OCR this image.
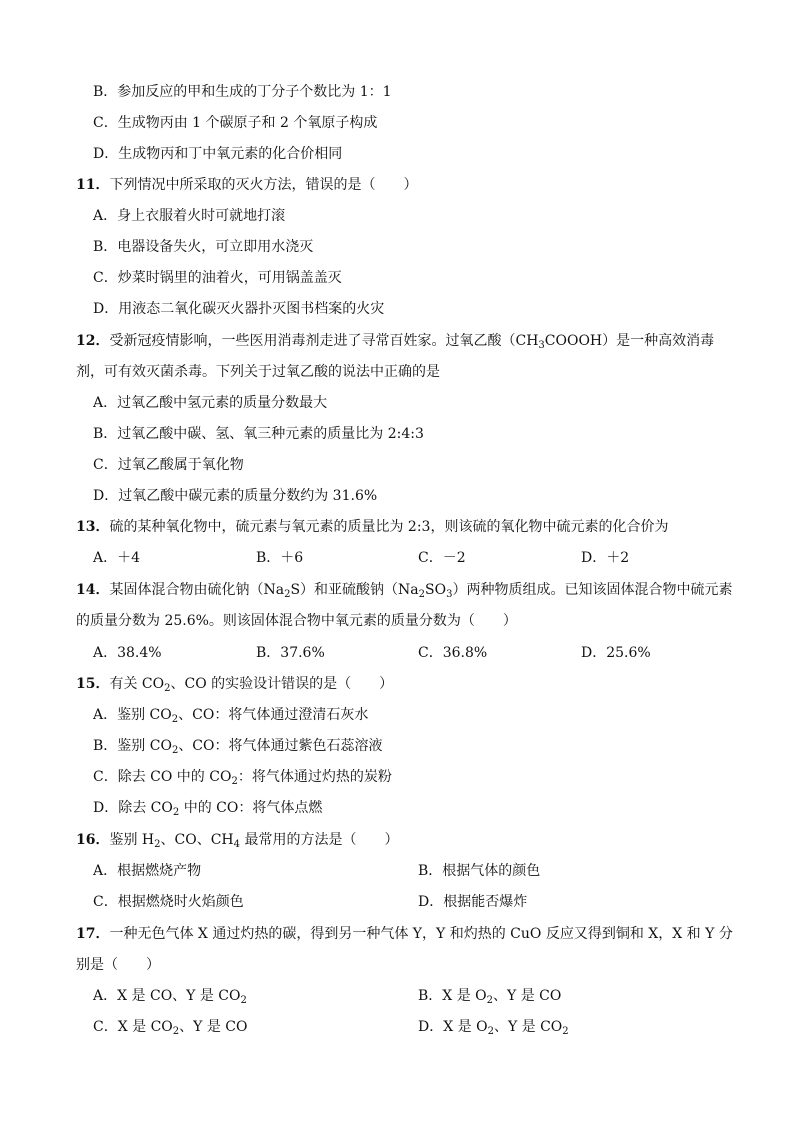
B．参加反应的甲和生成的丁分子个数比为 1：1
C．生成物丙由 1 个碳原子和 2 个氧原子构成
D．生成物丙和丁中氧元素的化合价相同
11．下列情况中所采取的灭火方法，错误的是（　　）
A．身上衣服着火时可就地打滚
B．电器设备失火，可立即用水浇灭
C．炒菜时锅里的油着火，可用锅盖盖灭
D．用液态二氧化碳灭火器扑灭图书档案的火灾
12．受新冠疫情影响，一些医用消毒剂走进了寻常百姓家。过氧乙酸$(CH_3COOOH)$是一种高效消毒
剂，可有效灭菌杀毒。下列关于过氧乙酸的说法中正确的是
A．过氧乙酸中氢元素的质量分数最大
B．过氧乙酸中碳、氢、氧三种元素的质量比为 2:4:3
C．过氧乙酸属于氧化物
D．过氧乙酸中碳元素的质量分数约为 31.6%
13．硫的某种氧化物中，硫元素与氧元素的质量比为 2:3，则该硫的氧化物中硫元素的化合价为
A．＋4	B．＋6	C．－2	D．＋2
14．某固体混合物由硫化钠$(Na_2S)$和亚硫酸钠$(Na_2SO_3)$两种物质组成。已知该固体混合物中硫元素
的质量分数为 25.6%。则该固体混合物中氧元素的质量分数为（　　）
A．38.4%	B．37.6%	C．36.8%	D．25.6%
15．有关 $CO_2$、CO 的实验设计错误的是（　　）
A．鉴别 $CO_2$、CO：将气体通过澄清石灰水
B．鉴别 $CO_2$、CO：将气体通过紫色石蕊溶液
C．除去 CO 中的 $CO_2$：将气体通过灼热的炭粉
D．除去 $CO_2$ 中的 CO：将气体点燃
16．鉴别 $H_2$、CO、$CH_4$ 最常用的方法是（　　）
A．根据燃烧产物	B．根据气体的颜色
C．根据燃烧时火焰颜色	D．根据能否爆炸
17．一种无色气体 X 通过灼热的碳，得到另一种气体 Y，Y 和灼热的 CuO 反应又得到铜和 X，X 和 Y 分
别是（　　）
A．X 是 CO、Y 是 $CO_2$	B．X 是 $O_2$、Y 是 CO
C．X 是 $CO_2$、Y 是 CO	D．X 是 $O_2$、Y 是 $CO_2$
